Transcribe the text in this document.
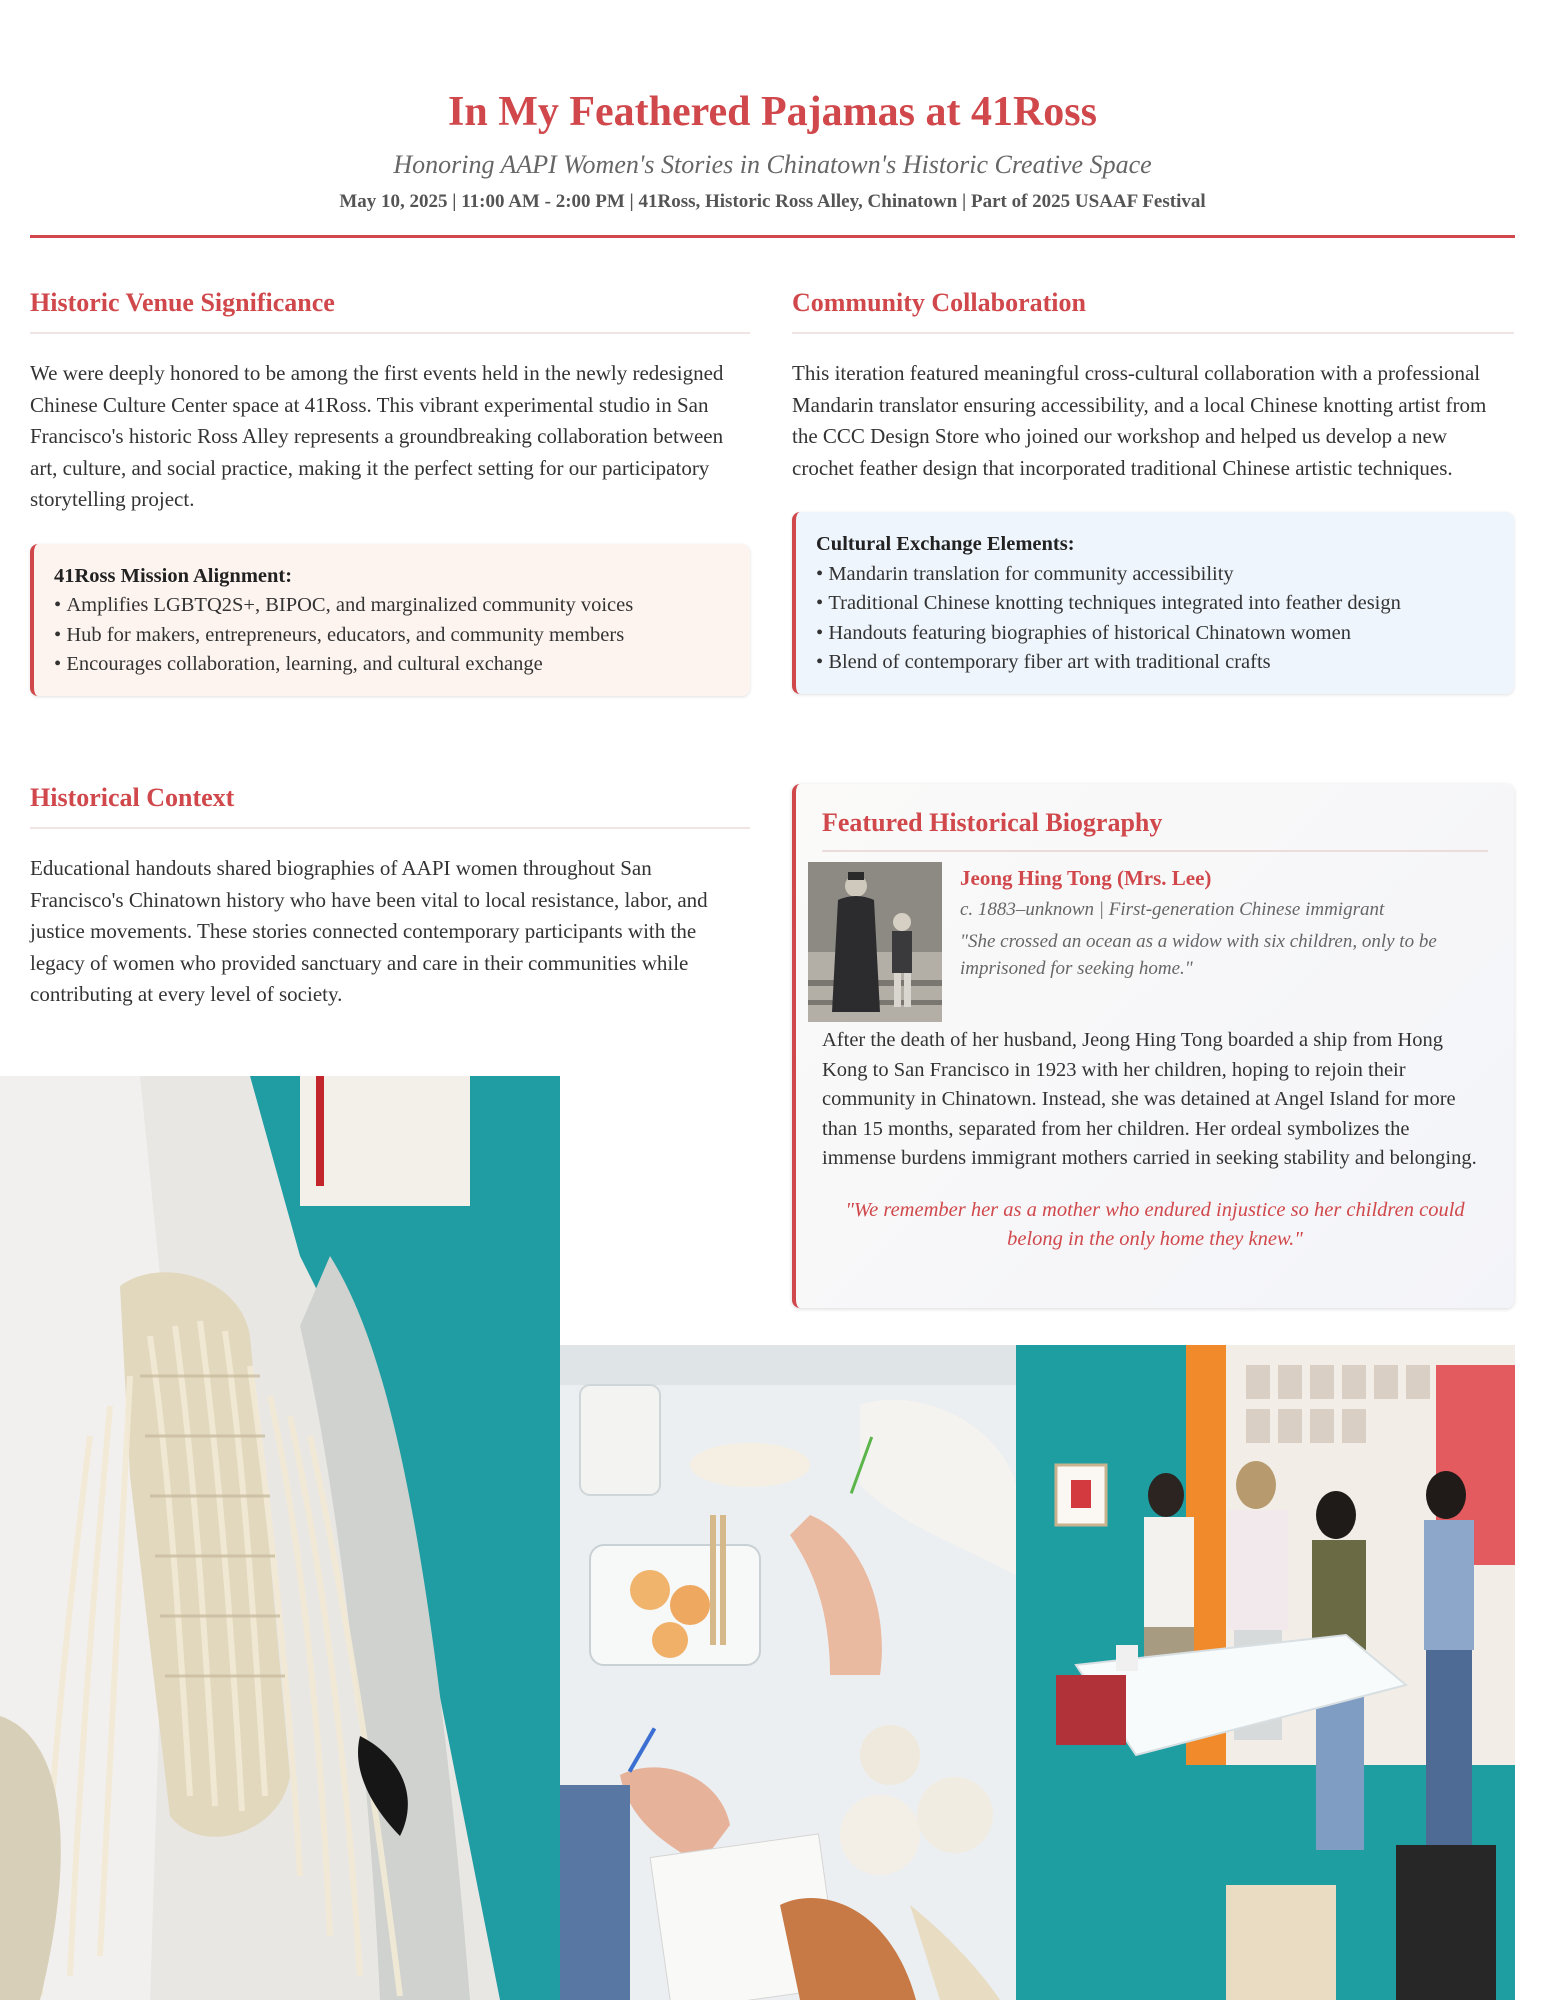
In My Feathered Pajamas at 41Ross
Honoring AAPI Women's Stories in Chinatown's Historic Creative Space
May 10, 2025 | 11:00 AM - 2:00 PM | 41Ross, Historic Ross Alley, Chinatown | Part of 2025 USAAF Festival
Historic Venue Significance
We were deeply honored to be among the first events held in the newly redesigned Chinese Culture Center space at 41Ross. This vibrant experimental studio in San Francisco's historic Ross Alley represents a groundbreaking collaboration between art, culture, and social practice, making it the perfect setting for our participatory storytelling project.
41Ross Mission Alignment:
• Amplifies LGBTQ2S+, BIPOC, and marginalized community voices
• Hub for makers, entrepreneurs, educators, and community members
• Encourages collaboration, learning, and cultural exchange
Community Collaboration
This iteration featured meaningful cross-cultural collaboration with a professional Mandarin translator ensuring accessibility, and a local Chinese knotting artist from the CCC Design Store who joined our workshop and helped us develop a new crochet feather design that incorporated traditional Chinese artistic techniques.
Cultural Exchange Elements:
• Mandarin translation for community accessibility
• Traditional Chinese knotting techniques integrated into feather design
• Handouts featuring biographies of historical Chinatown women
• Blend of contemporary fiber art with traditional crafts
Historical Context
Educational handouts shared biographies of AAPI women throughout San Francisco's Chinatown history who have been vital to local resistance, labor, and justice movements. These stories connected contemporary participants with the legacy of women who provided sanctuary and care in their communities while contributing at every level of society.
Featured Historical Biography
Jeong Hing Tong (Mrs. Lee)
c. 1883–unknown | First-generation Chinese immigrant
"She crossed an ocean as a widow with six children, only to be imprisoned for seeking home."
After the death of her husband, Jeong Hing Tong boarded a ship from Hong Kong to San Francisco in 1923 with her children, hoping to rejoin their community in Chinatown. Instead, she was detained at Angel Island for more than 15 months, separated from her children. Her ordeal symbolizes the immense burdens immigrant mothers carried in seeking stability and belonging.
"We remember her as a mother who endured injustice so her children could belong in the only home they knew."
